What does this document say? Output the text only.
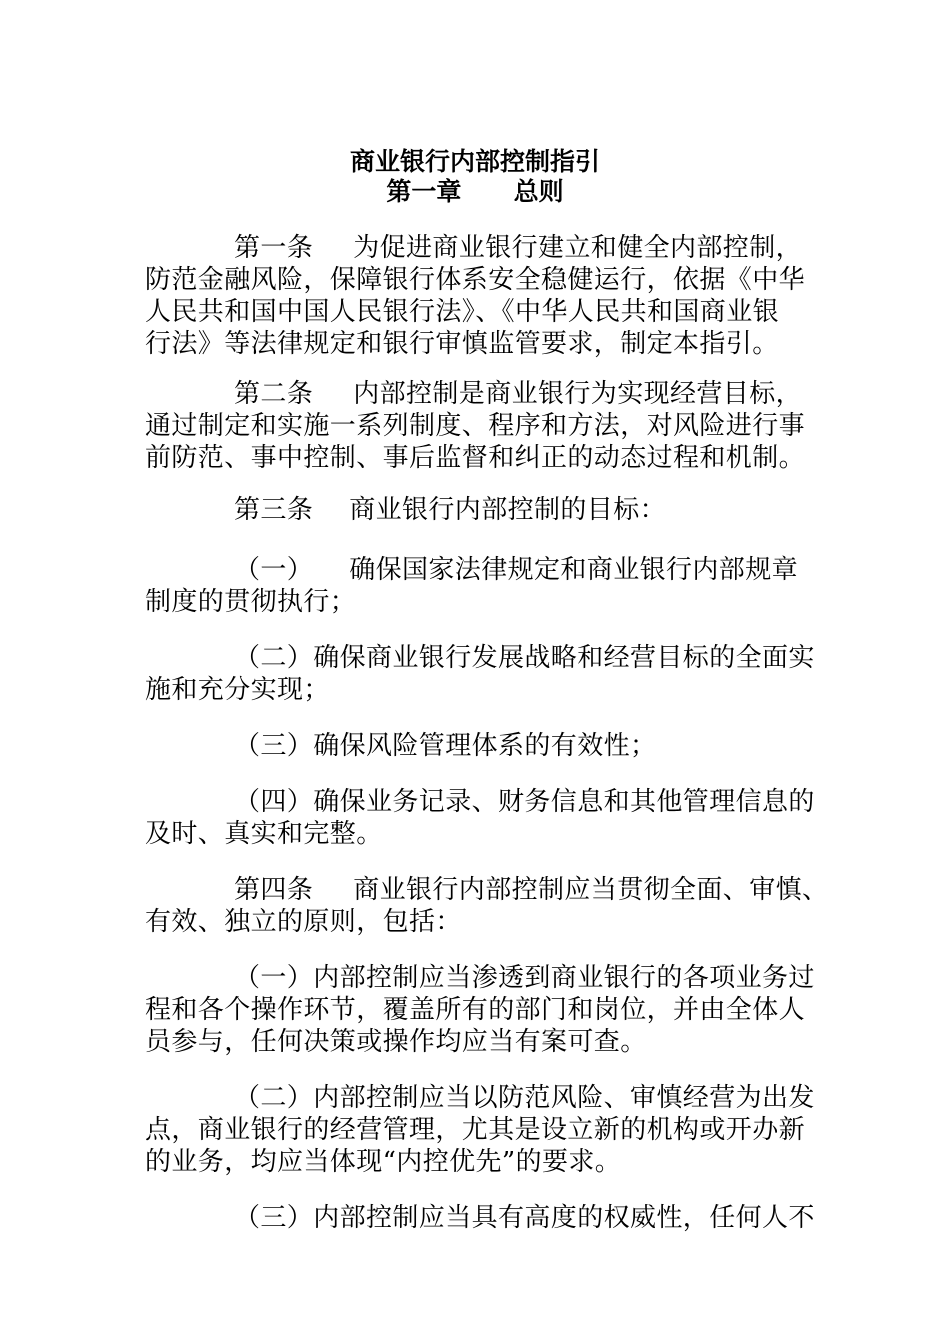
商业银行内部控制指引
第一章      总则
第一条 为促进商业银行建立和健全内部控制，
防范金融风险，保障银行体系安全稳健运行，依据《中华
人民共和国中国人民银行法》、《中华人民共和国商业银
行法》等法律规定和银行审慎监管要求，制定本指引。
第二条 内部控制是商业银行为实现经营目标，
通过制定和实施一系列制度、程序和方法，对风险进行事
前防范、事中控制、事后监督和纠正的动态过程和机制。
第三条 商业银行内部控制的目标：
（一） 确保国家法律规定和商业银行内部规章
制度的贯彻执行；
（二）确保商业银行发展战略和经营目标的全面实
施和充分实现；
（三）确保风险管理体系的有效性；
（四）确保业务记录、财务信息和其他管理信息的
及时、真实和完整。
第四条 商业银行内部控制应当贯彻全面、审慎、
有效、独立的原则，包括：
（一）内部控制应当渗透到商业银行的各项业务过
程和各个操作环节，覆盖所有的部门和岗位，并由全体人
员参与，任何决策或操作均应当有案可查。
（二）内部控制应当以防范风险、审慎经营为出发
点，商业银行的经营管理，尤其是设立新的机构或开办新
的业务，均应当体现“内控优先”的要求。
（三）内部控制应当具有高度的权威性，任何人不
